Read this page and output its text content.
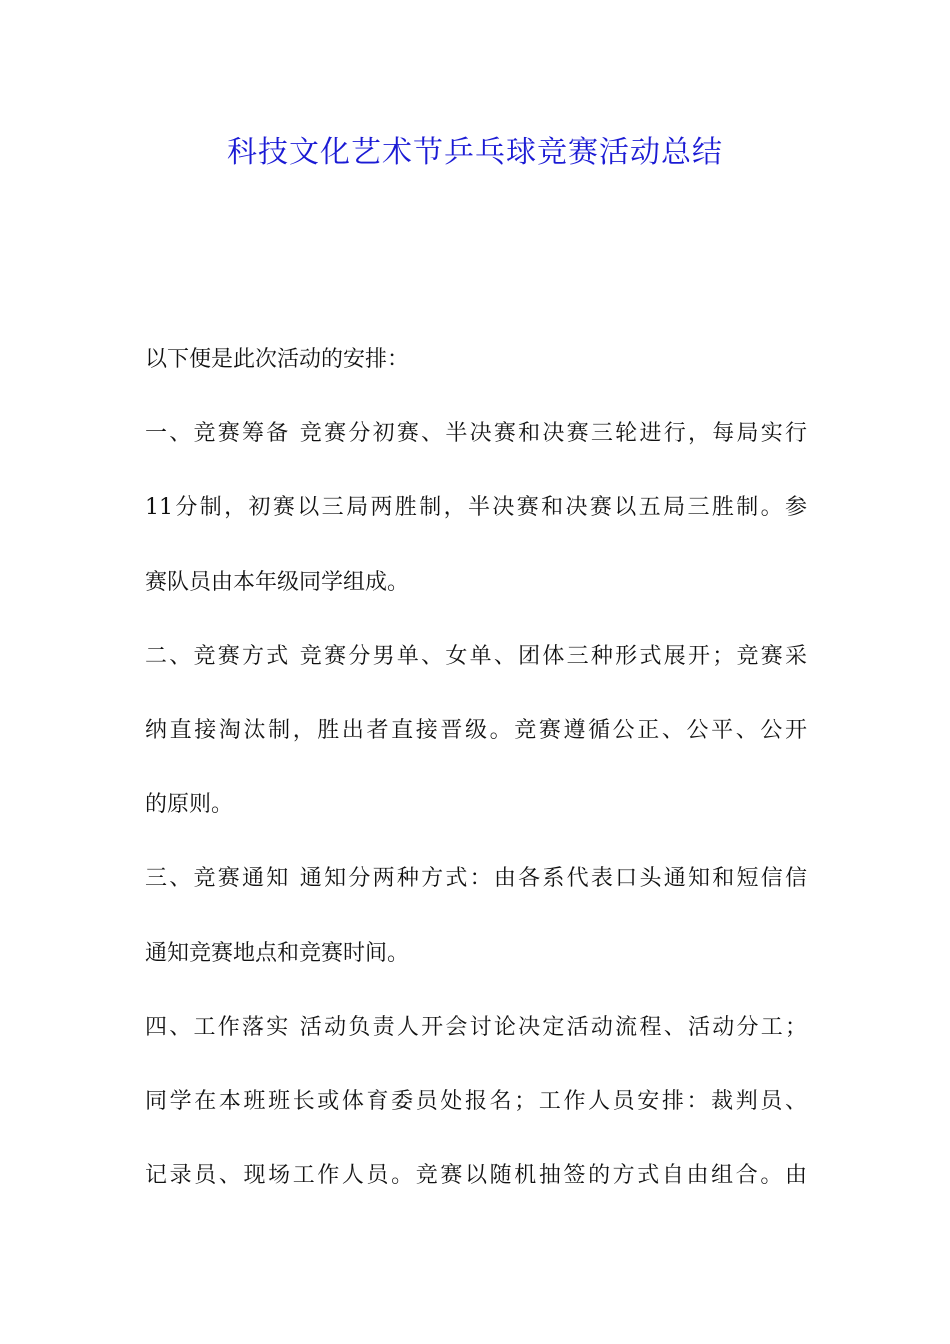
科技文化艺术节乒乓球竞赛活动总结
以下便是此次活动的安排：
一、竞赛筹备 竞赛分初赛、半决赛和决赛三轮进行，每局实行
11分制，初赛以三局两胜制，半决赛和决赛以五局三胜制。参
赛队员由本年级同学组成。
二、竞赛方式 竞赛分男单、女单、团体三种形式展开；竞赛采
纳直接淘汰制，胜出者直接晋级。竞赛遵循公正、公平、公开
的原则。
三、竞赛通知 通知分两种方式：由各系代表口头通知和短信信
通知竞赛地点和竞赛时间。
四、工作落实 活动负责人开会讨论决定活动流程、活动分工；
同学在本班班长或体育委员处报名；工作人员安排：裁判员、
记录员、现场工作人员。竞赛以随机抽签的方式自由组合。由
